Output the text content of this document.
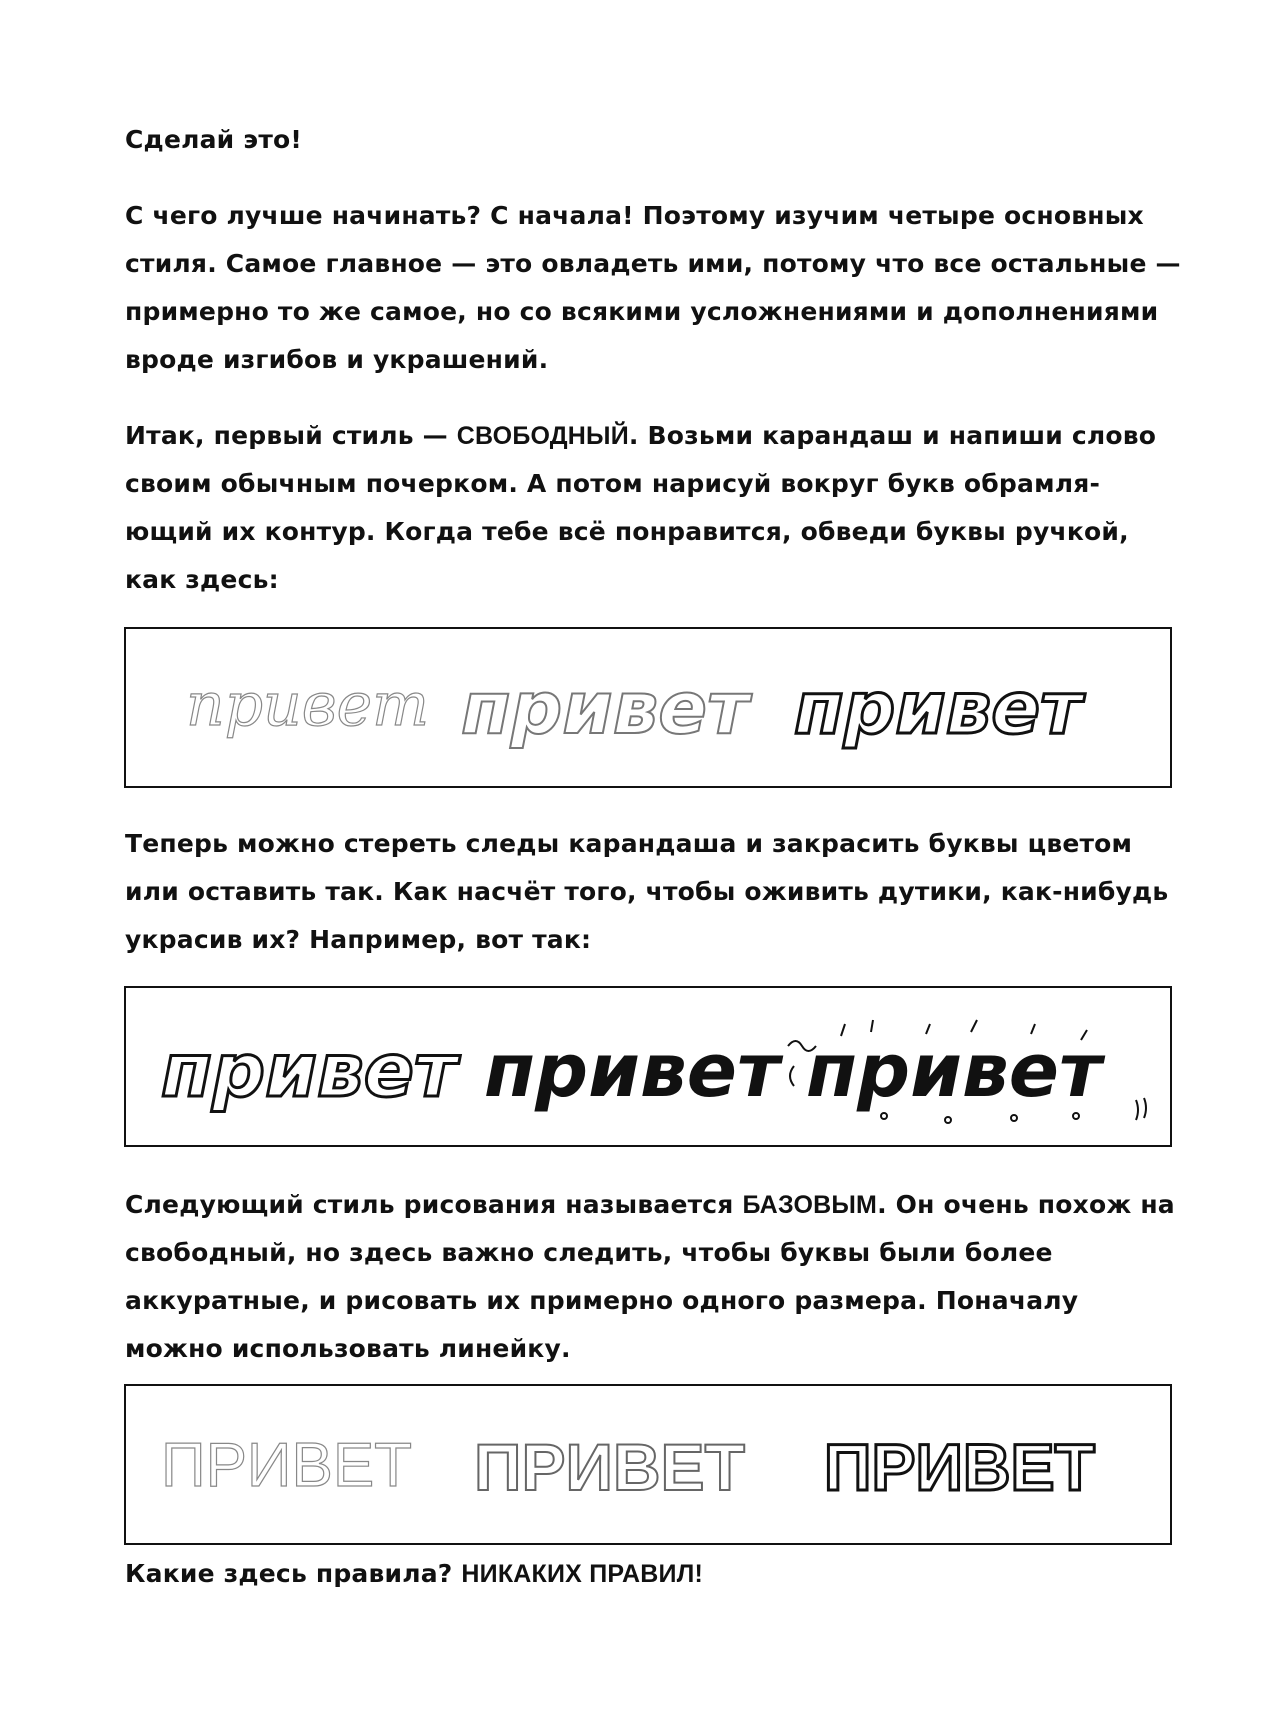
Сделай это!

С чего лучше начинать? С начала! Поэтому изучим четыре основных стиля. Самое главное — это овладеть ими, потому что все остальные — примерно то же самое, но со всякими усложнениями и дополнениями вроде изгибов и украшений.

Итак, первый стиль — СВОБОДНЫЙ. Возьми карандаш и напиши слово своим обычным почерком. А потом нарисуй вокруг букв обрамля-ющий их контур. Когда тебе всё понравится, обведи буквы ручкой,

как здесь:

привет привет привет

Теперь можно стереть следы карандаша и закрасить буквы цветом или оставить так. Как насчёт того, чтобы оживить дутики, как-нибудь украсив их? Например, вот так:

привет привет привет

Следующий стиль рисования называется БАЗОВЫМ. Он очень похож на свободный, но здесь важно следить, чтобы буквы были более аккуратные, и рисовать их примерно одного размера. Поначалу можно использовать линейку.

ПРИВЕТ ПРИВЕТ ПРИВЕТ

Какие здесь правила? НИКАКИХ ПРАВИЛ!
